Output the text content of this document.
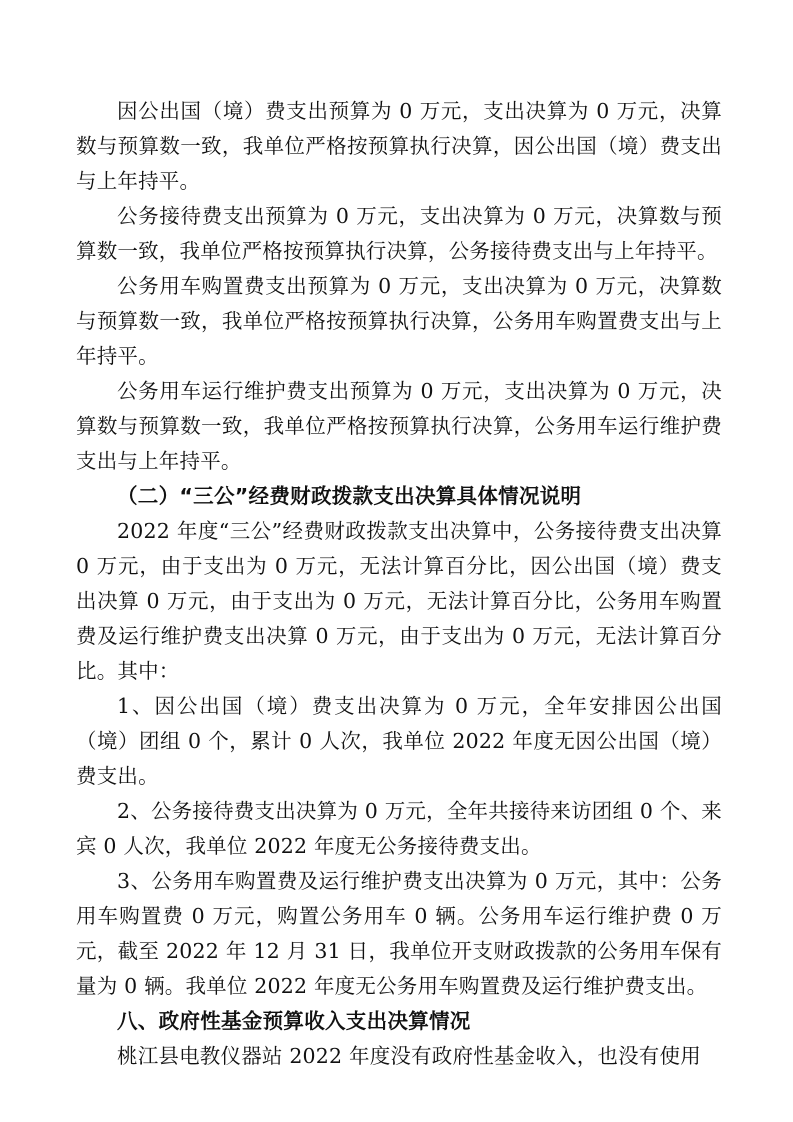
因公出国（境）费支出预算为 0 万元，支出决算为 0 万元，决算数与预算数一致，我单位严格按预算执行决算，因公出国（境）费支出与上年持平。

公务接待费支出预算为 0 万元，支出决算为 0 万元，决算数与预算数一致，我单位严格按预算执行决算，公务接待费支出与上年持平。

公务用车购置费支出预算为 0 万元，支出决算为 0 万元，决算数与预算数一致，我单位严格按预算执行决算，公务用车购置费支出与上年持平。

公务用车运行维护费支出预算为 0 万元，支出决算为 0 万元，决算数与预算数一致，我单位严格按预算执行决算，公务用车运行维护费支出与上年持平。

（二）“三公”经费财政拨款支出决算具体情况说明

2022 年度“三公”经费财政拨款支出决算中，公务接待费支出决算 0 万元，由于支出为 0 万元，无法计算百分比，因公出国（境）费支出决算 0 万元，由于支出为 0 万元，无法计算百分比，公务用车购置费及运行维护费支出决算 0 万元，由于支出为 0 万元，无法计算百分比。其中：

1、因公出国（境）费支出决算为 0 万元，全年安排因公出国（境）团组 0 个，累计 0 人次，我单位 2022 年度无因公出国（境）费支出。

2、公务接待费支出决算为 0 万元，全年共接待来访团组 0 个、来宾 0 人次，我单位 2022 年度无公务接待费支出。

3、公务用车购置费及运行维护费支出决算为 0 万元，其中：公务用车购置费 0 万元，购置公务用车 0 辆。公务用车运行维护费 0 万元，截至 2022 年 12 月 31 日，我单位开支财政拨款的公务用车保有量为 0 辆。我单位 2022 年度无公务用车购置费及运行维护费支出。

八、政府性基金预算收入支出决算情况

桃江县电教仪器站 2022 年度没有政府性基金收入，也没有使用
